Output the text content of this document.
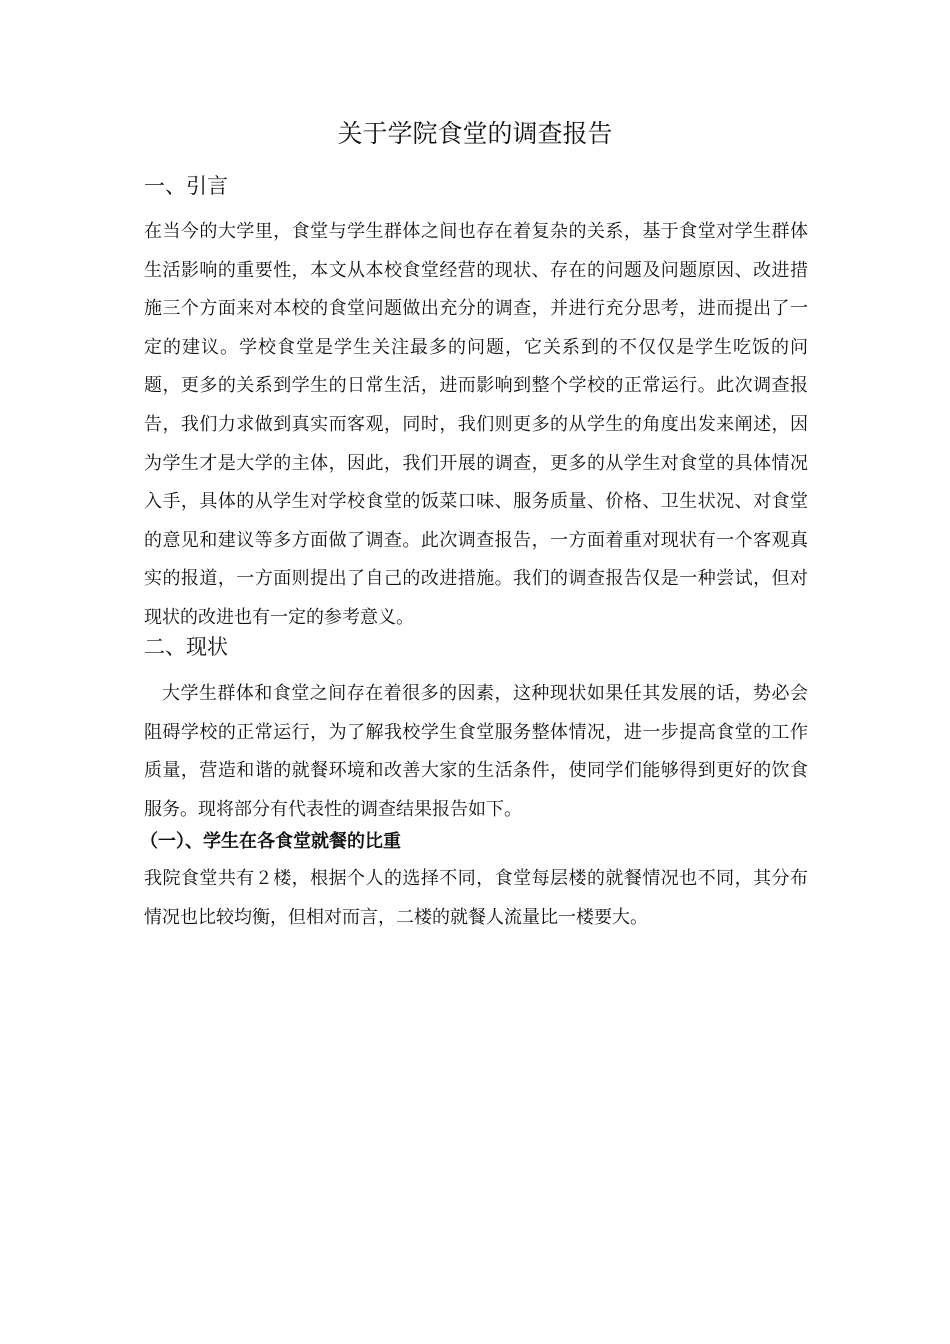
关于学院食堂的调查报告
一、引言

在当今的大学里，食堂与学生群体之间也存在着复杂的关系，基于食堂对学生群体生活影响的重要性，本文从本校食堂经营的现状、存在的问题及问题原因、改进措施三个方面来对本校的食堂问题做出充分的调查，并进行充分思考，进而提出了一定的建议。学校食堂是学生关注最多的问题，它关系到的不仅仅是学生吃饭的问题，更多的关系到学生的日常生活，进而影响到整个学校的正常运行。此次调查报告，我们力求做到真实而客观，同时，我们则更多的从学生的角度出发来阐述，因为学生才是大学的主体，因此，我们开展的调查，更多的从学生对食堂的具体情况入手，具体的从学生对学校食堂的饭菜口味、服务质量、价格、卫生状况、对食堂的意见和建议等多方面做了调查。此次调查报告，一方面着重对现状有一个客观真实的报道，一方面则提出了自己的改进措施。我们的调查报告仅是一种尝试，但对现状的改进也有一定的参考意义。

二、现状

大学生群体和食堂之间存在着很多的因素，这种现状如果任其发展的话，势必会阻碍学校的正常运行，为了解我校学生食堂服务整体情况，进一步提高食堂的工作质量，营造和谐的就餐环境和改善大家的生活条件，使同学们能够得到更好的饮食服务。现将部分有代表性的调查结果报告如下。

（一）、学生在各食堂就餐的比重

我院食堂共有２楼，根据个人的选择不同，食堂每层楼的就餐情况也不同，其分布情况也比较均衡，但相对而言，二楼的就餐人流量比一楼要大。
